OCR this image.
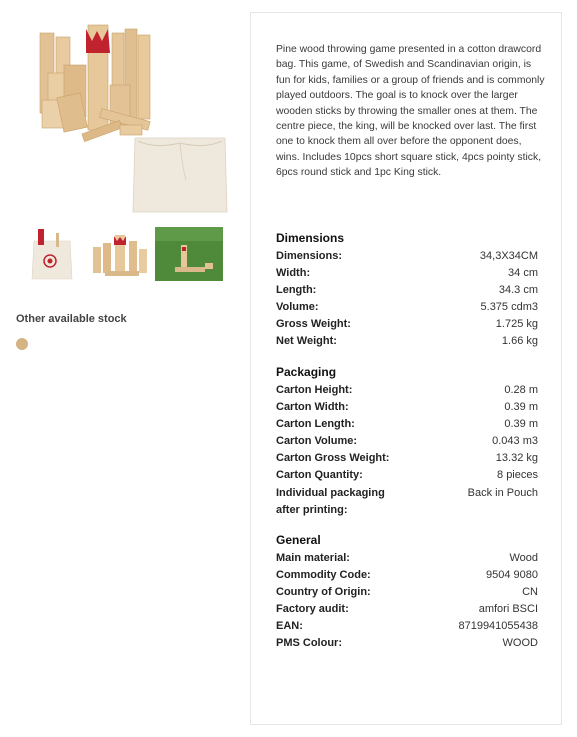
Other available stock

Pine wood throwing game presented in a cotton drawcord bag. This game, of Swedish and Scandinavian origin, is fun for kids, families or a group of friends and is commonly played outdoors. The goal is to knock over the larger wooden sticks by throwing the smaller ones at them. The centre piece, the king, will be knocked over last. The first one to knock them all over before the opponent does, wins. Includes 10pcs short square stick, 4pcs pointy stick, 6pcs round stick and 1pc King stick.

Dimensions
Dimensions:	34,3X34CM
Width:	34 cm
Length:	34.3 cm
Volume:	5.375 cdm3
Gross Weight:	1.725 kg
Net Weight:	1.66 kg
Packaging
Carton Height:	0.28 m
Carton Width:	0.39 m
Carton Length:	0.39 m
Carton Volume:	0.043 m3
Carton Gross Weight:	13.32 kg
Carton Quantity:	8 pieces
Individual packaging after printing:
Back in Pouch
General
Main material:	Wood
Commodity Code:	9504 9080
Country of Origin:	CN
Factory audit:	amfori BSCI
EAN:	8719941055438
PMS Colour:	WOOD
